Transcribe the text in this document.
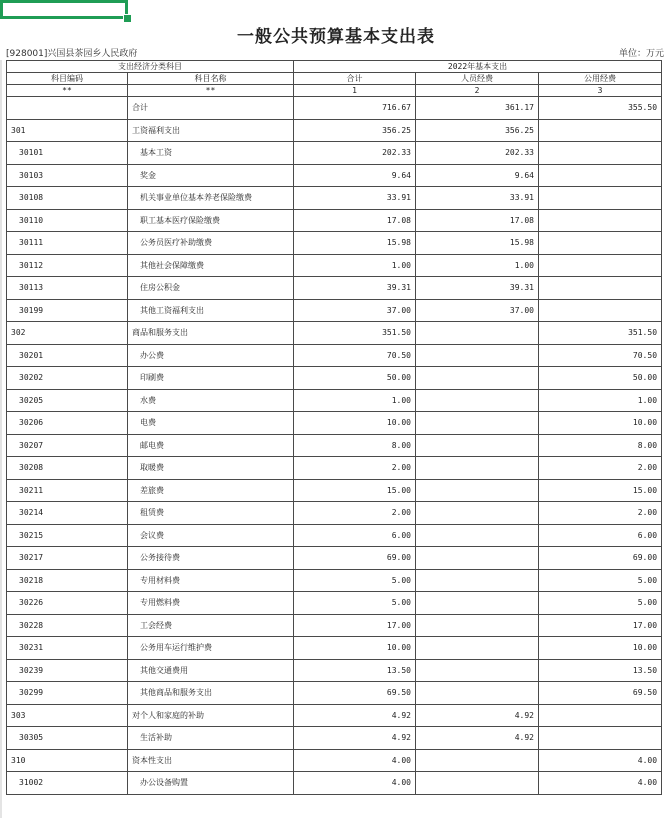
一般公共预算基本支出表
[928001]兴国县茶园乡人民政府	单位：万元
支出经济分类科目		2022年基本支出		
科目编码	科目名称	合计	人员经费	公用经费
**	**	1	2	3
	合计	716.67	361.17	355.50
301	工资福利支出	356.25	356.25	
30101	基本工资	202.33	202.33	
30103	奖金	9.64	9.64	
30108	机关事业单位基本养老保险缴费	33.91	33.91	
30110	职工基本医疗保险缴费	17.08	17.08	
30111	公务员医疗补助缴费	15.98	15.98	
30112	其他社会保障缴费	1.00	1.00	
30113	住房公积金	39.31	39.31	
30199	其他工资福利支出	37.00	37.00	
302	商品和服务支出	351.50		351.50
30201	办公费	70.50		70.50
30202	印刷费	50.00		50.00
30205	水费	1.00		1.00
30206	电费	10.00		10.00
30207	邮电费	8.00		8.00
30208	取暖费	2.00		2.00
30211	差旅费	15.00		15.00
30214	租赁费	2.00		2.00
30215	会议费	6.00		6.00
30217	公务接待费	69.00		69.00
30218	专用材料费	5.00		5.00
30226	专用燃料费	5.00		5.00
30228	工会经费	17.00		17.00
30231	公务用车运行维护费	10.00		10.00
30239	其他交通费用	13.50		13.50
30299	其他商品和服务支出	69.50		69.50
303	对个人和家庭的补助	4.92	4.92	
30305	生活补助	4.92	4.92	
310	资本性支出	4.00		4.00
31002	办公设备购置	4.00		4.00
